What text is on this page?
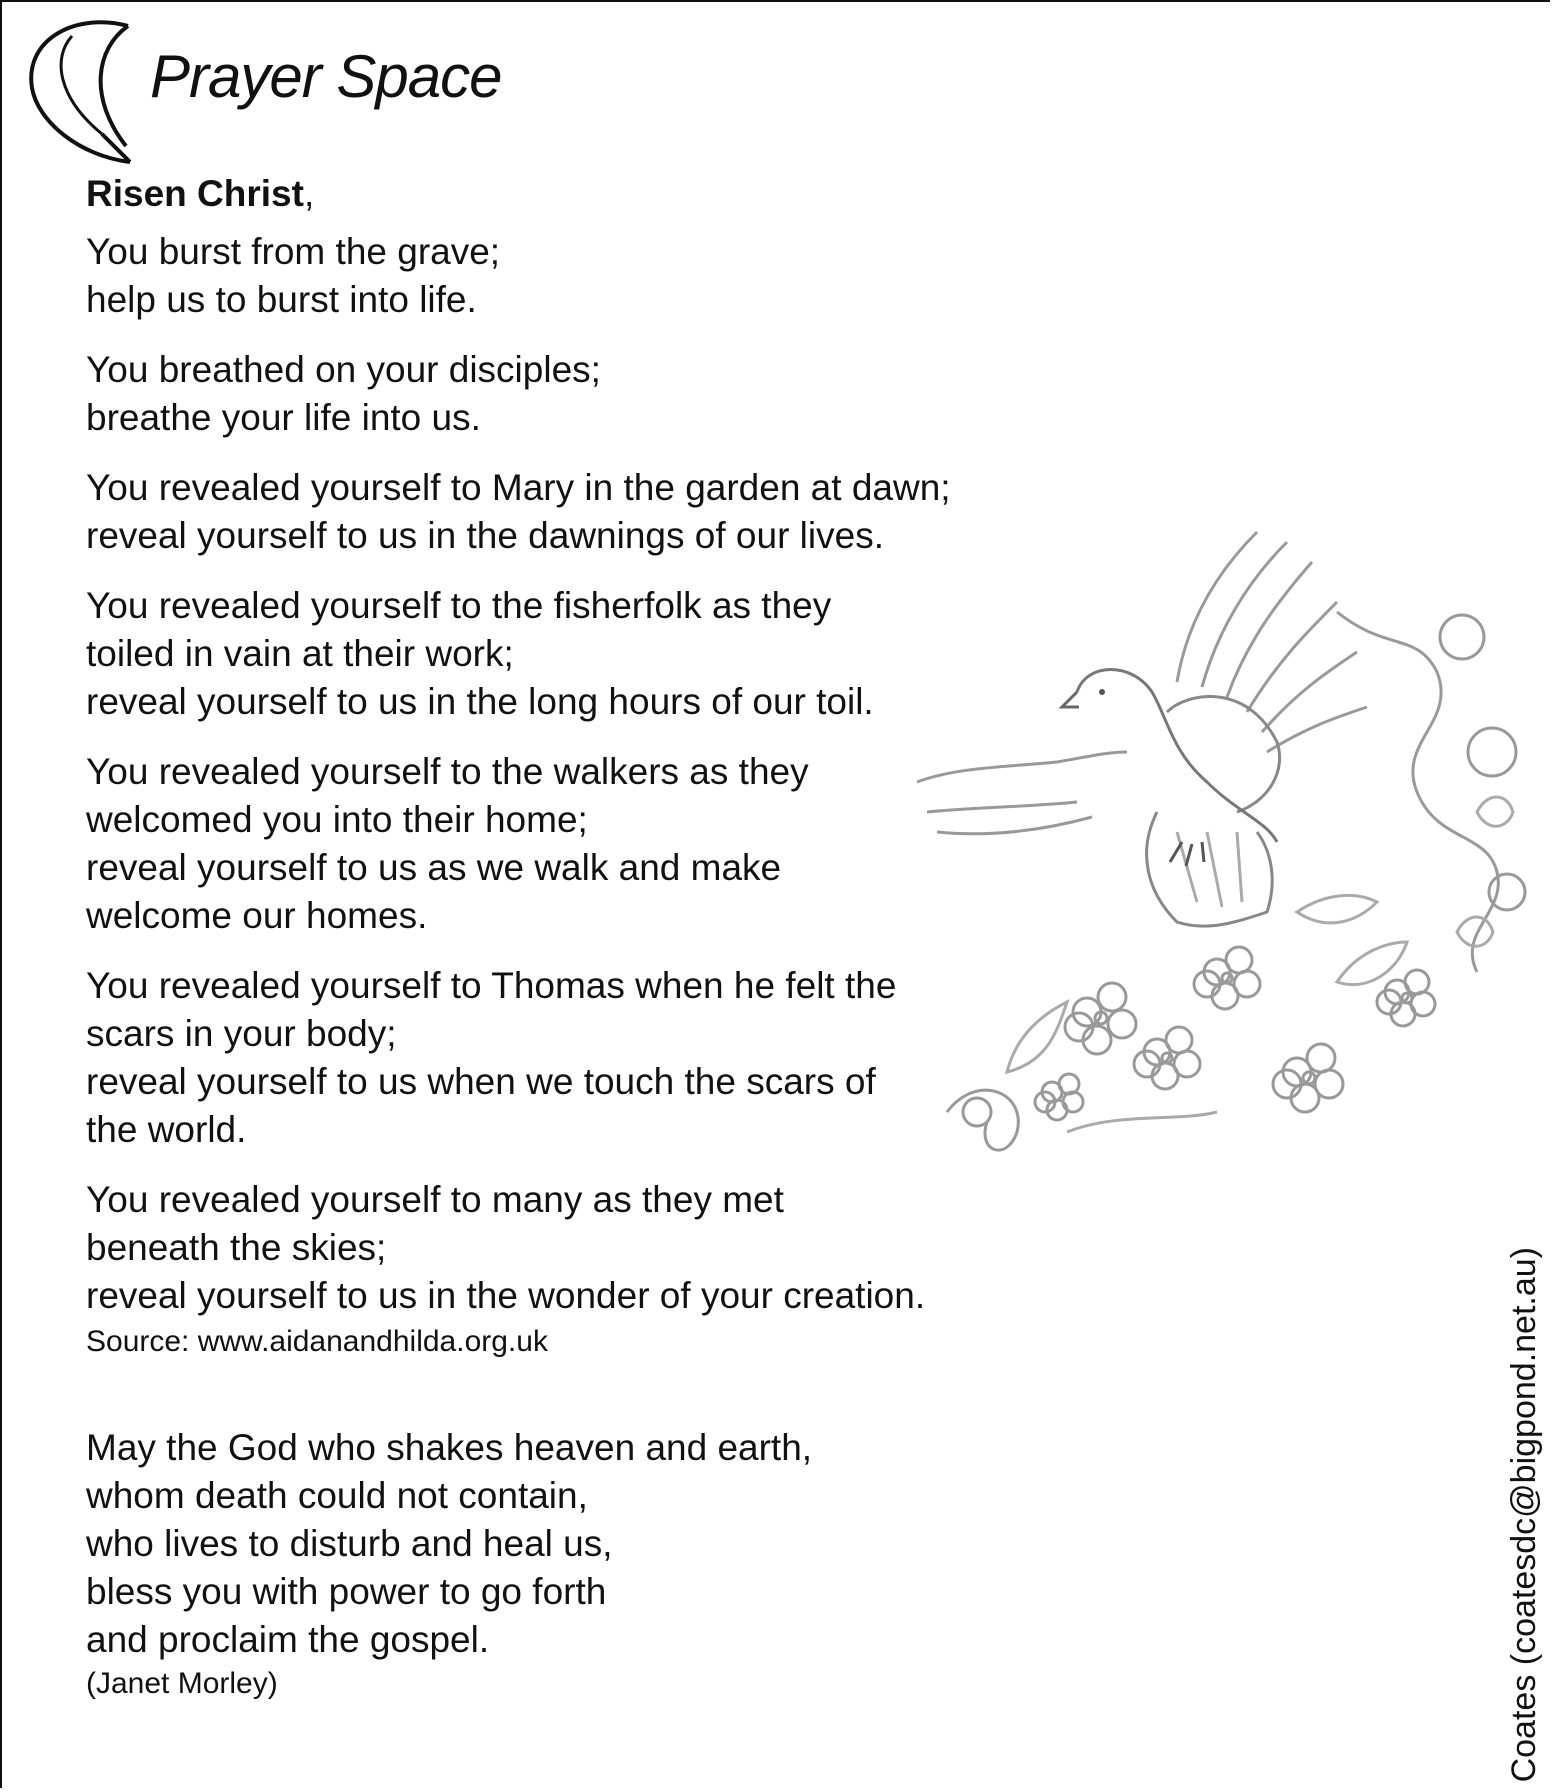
Prayer Space

Risen Christ,

You burst from the grave;
help us to burst into life.
You breathed on your disciples;
breathe your life into us.
You revealed yourself to Mary in the garden at dawn;
reveal yourself to us in the dawnings of our lives.
You revealed yourself to the fisherfolk as they
toiled in vain at their work;
reveal yourself to us in the long hours of our toil.
You revealed yourself to the walkers as they
welcomed you into their home;
reveal yourself to us as we walk and make
welcome our homes.
You revealed yourself to Thomas when he felt the
scars in your body;
reveal yourself to us when we touch the scars of
the world.
You revealed yourself to many as they met
beneath the skies;
reveal yourself to us in the wonder of your creation.
Source: www.aidanandhilda.org.uk
May the God who shakes heaven and earth,
whom death could not contain,
who lives to disturb and heal us,
bless you with power to go forth
and proclaim the gospel.
(Janet Morley)	Coates (coatesdc@bigpond.net.au)
